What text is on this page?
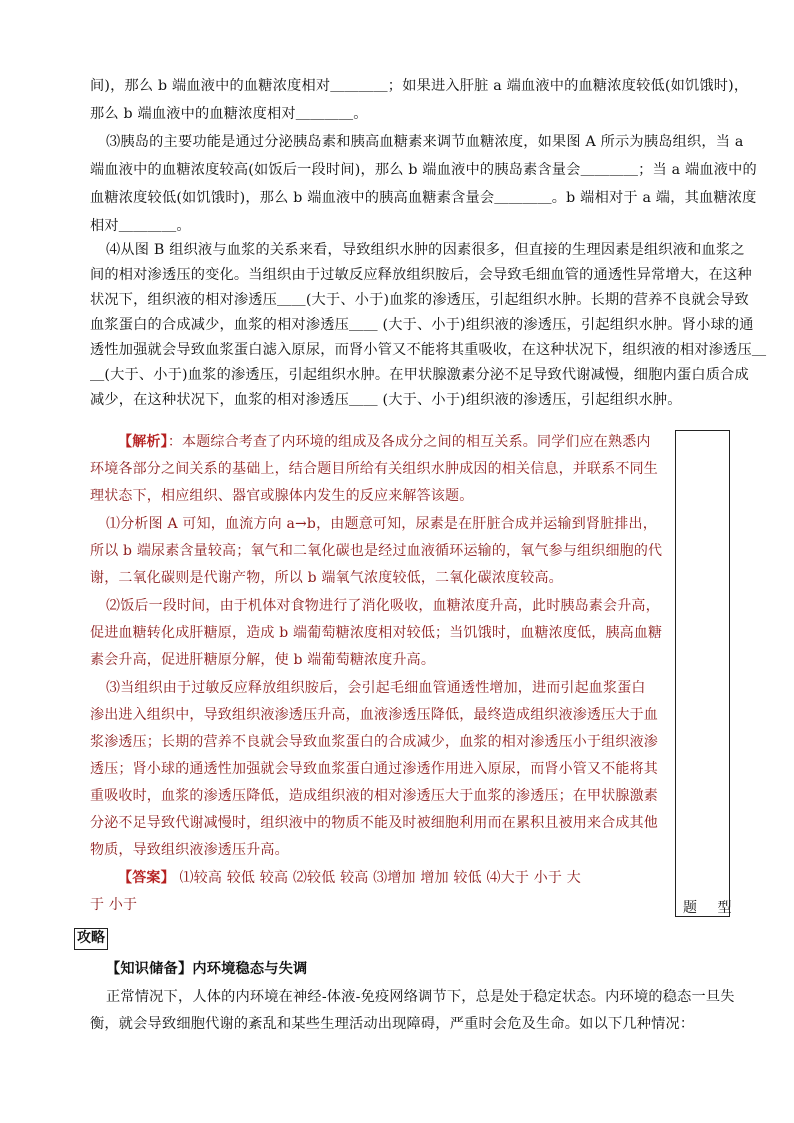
间)，那么 b 端血液中的血糖浓度相对＿＿＿＿；如果进入肝脏 a 端血液中的血糖浓度较低(如饥饿时)，
那么 b 端血液中的血糖浓度相对＿＿＿＿。
⑶胰岛的主要功能是通过分泌胰岛素和胰高血糖素来调节血糖浓度，如果图 A 所示为胰岛组织，当 a
端血液中的血糖浓度较高(如饭后一段时间)，那么 b 端血液中的胰岛素含量会＿＿＿＿；当 a 端血液中的
血糖浓度较低(如饥饿时)，那么 b 端血液中的胰高血糖素含量会＿＿＿＿。b 端相对于 a 端，其血糖浓度
相对＿＿＿＿。
⑷从图 B 组织液与血浆的关系来看，导致组织水肿的因素很多，但直接的生理因素是组织液和血浆之
间的相对渗透压的变化。当组织由于过敏反应释放组织胺后，会导致毛细血管的通透性异常增大，在这种
状况下，组织液的相对渗透压＿＿(大于、小于)血浆的渗透压，引起组织水肿。长期的营养不良就会导致
血浆蛋白的合成减少，血浆的相对渗透压＿＿ (大于、小于)组织液的渗透压，引起组织水肿。肾小球的通
透性加强就会导致血浆蛋白滤入原尿，而肾小管又不能将其重吸收，在这种状况下，组织液的相对渗透压＿
＿(大于、小于)血浆的渗透压，引起组织水肿。在甲状腺激素分泌不足导致代谢减慢，细胞内蛋白质合成
减少，在这种状况下，血浆的相对渗透压＿＿ (大于、小于)组织液的渗透压，引起组织水肿。
题 型
【解析】：本题综合考查了内环境的组成及各成分之间的相互关系。同学们应在熟悉内
环境各部分之间关系的基础上，结合题目所给有关组织水肿成因的相关信息，并联系不同生
理状态下，相应组织、器官或腺体内发生的反应来解答该题。
⑴分析图 A 可知，血流方向 a→b，由题意可知，尿素是在肝脏合成并运输到肾脏排出，
所以 b 端尿素含量较高；氧气和二氧化碳也是经过血液循环运输的，氧气参与组织细胞的代
谢，二氧化碳则是代谢产物，所以 b 端氧气浓度较低，二氧化碳浓度较高。
⑵饭后一段时间，由于机体对食物进行了消化吸收，血糖浓度升高，此时胰岛素会升高，
促进血糖转化成肝糖原，造成 b 端葡萄糖浓度相对较低；当饥饿时，血糖浓度低，胰高血糖
素会升高，促进肝糖原分解，使 b 端葡萄糖浓度升高。
⑶当组织由于过敏反应释放组织胺后，会引起毛细血管通透性增加，进而引起血浆蛋白
渗出进入组织中，导致组织液渗透压升高，血液渗透压降低，最终造成组织液渗透压大于血
浆渗透压；长期的营养不良就会导致血浆蛋白的合成减少，血浆的相对渗透压小于组织液渗
透压；肾小球的通透性加强就会导致血浆蛋白通过渗透作用进入原尿，而肾小管又不能将其
重吸收时，血浆的渗透压降低，造成组织液的相对渗透压大于血浆的渗透压；在甲状腺激素
分泌不足导致代谢减慢时，组织液中的物质不能及时被细胞利用而在累积且被用来合成其他
物质，导致组织液渗透压升高。
【答案】 ⑴较高 较低 较高 ⑵较低 较高 ⑶增加 增加 较低 ⑷大于 小于 大
于 小于
攻略
【知识储备】内环境稳态与失调
正常情况下，人体的内环境在神经-体液-免疫网络调节下，总是处于稳定状态。内环境的稳态一旦失
衡，就会导致细胞代谢的紊乱和某些生理活动出现障碍，严重时会危及生命。如以下几种情况：
